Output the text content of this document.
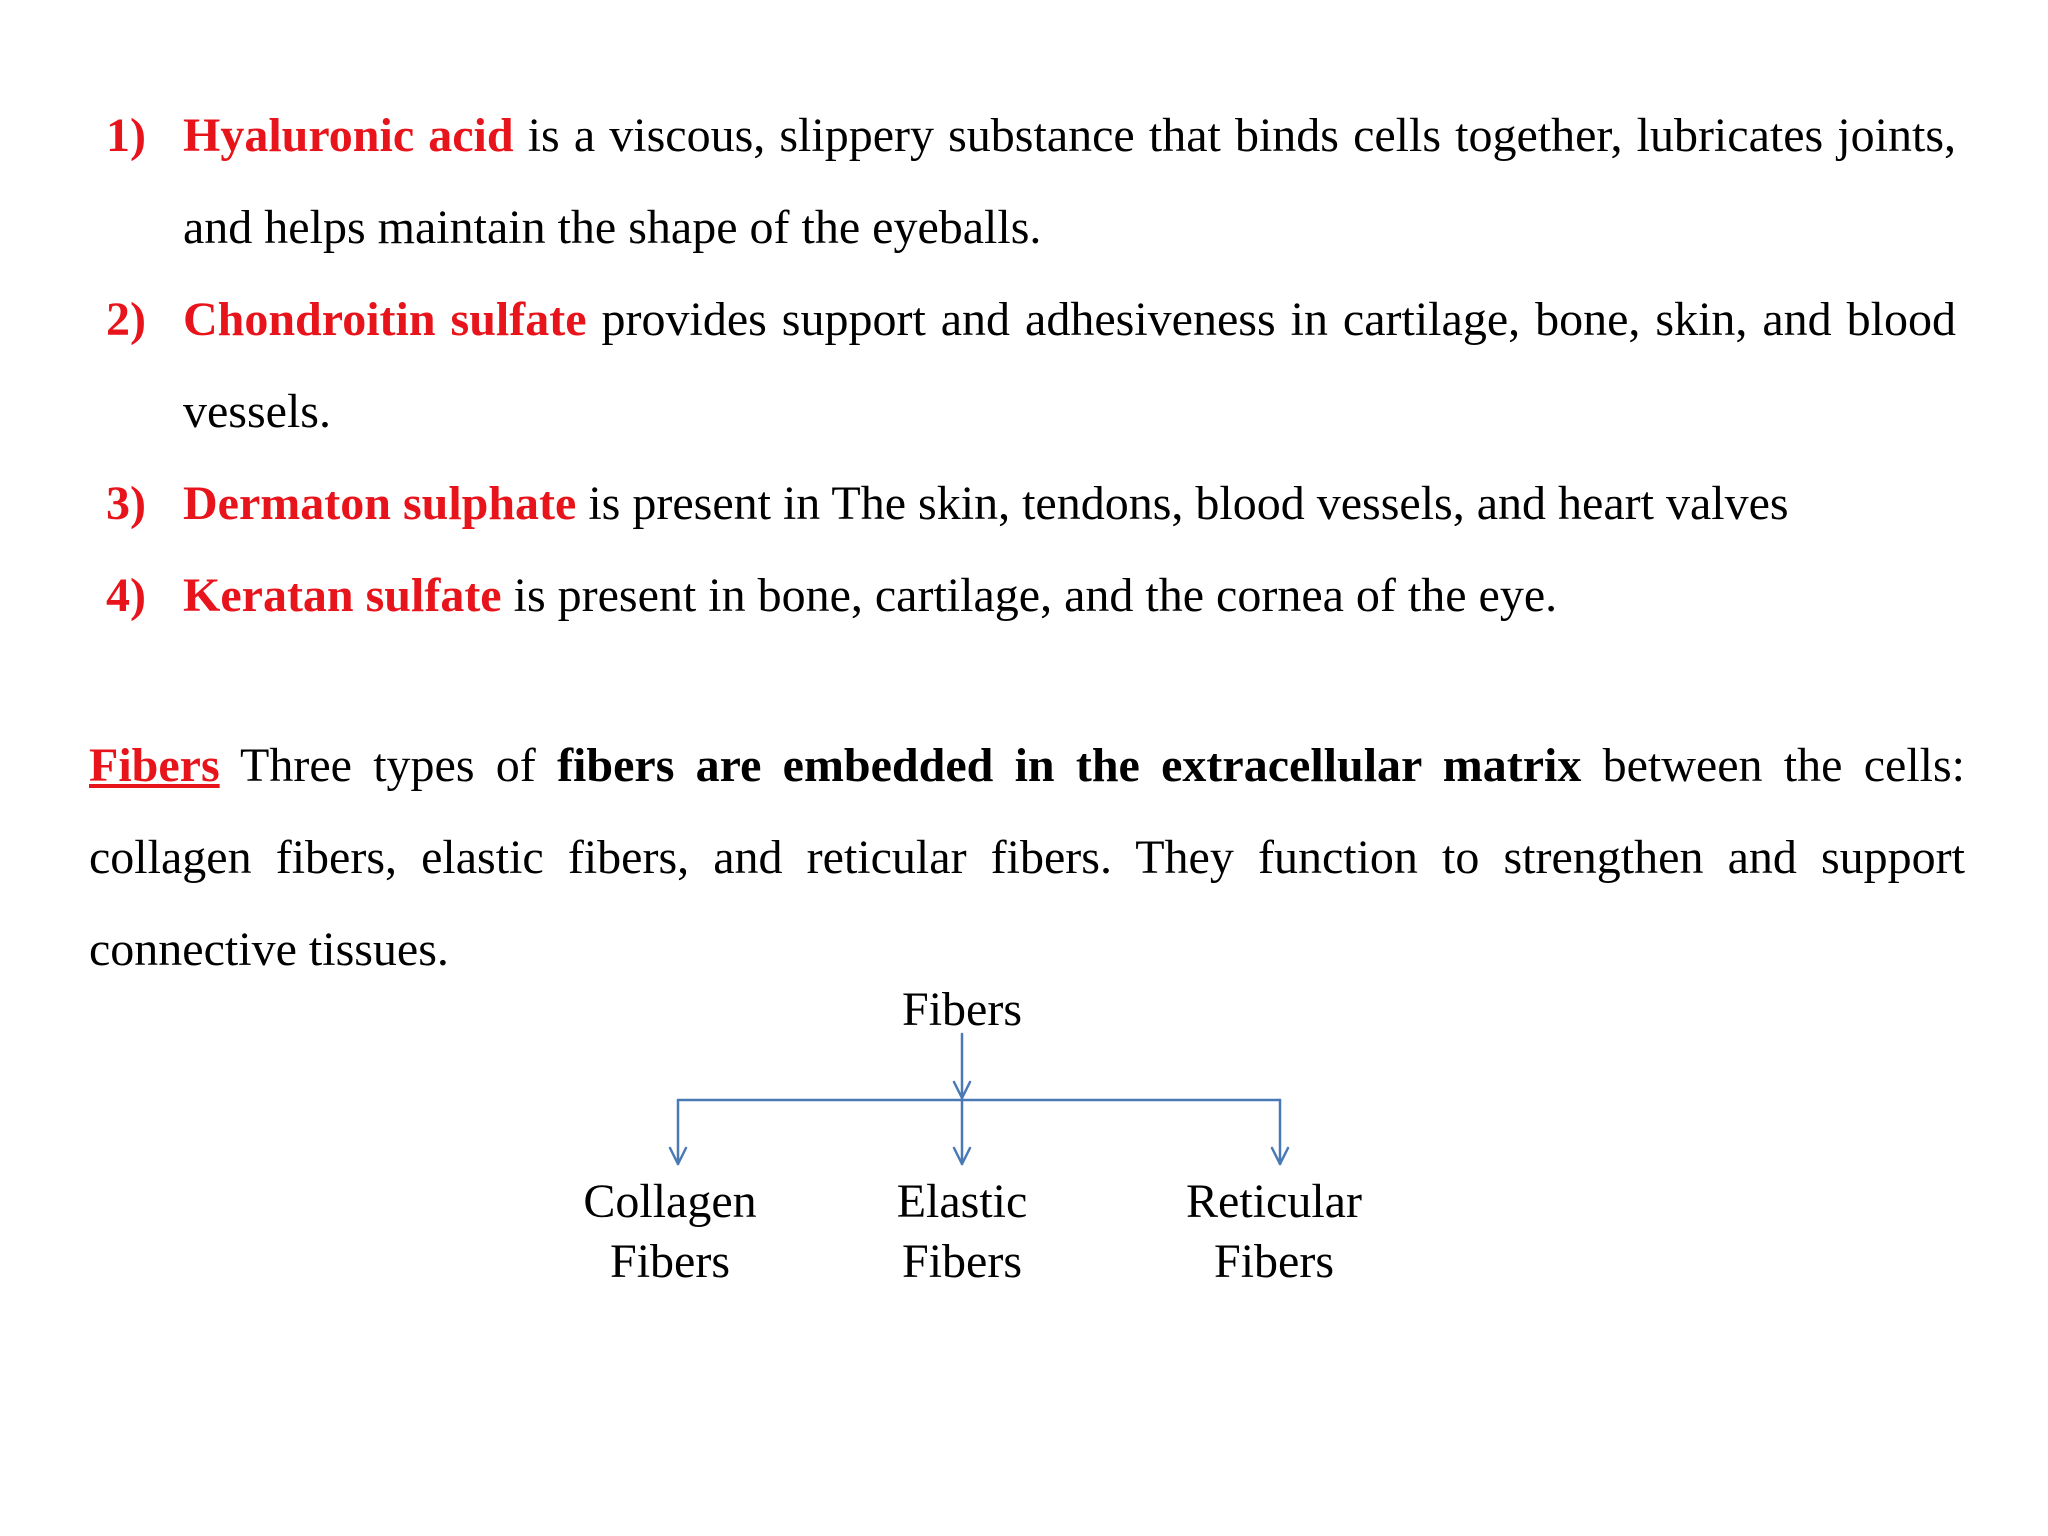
1) Hyaluronic acid is a viscous, slippery substance that binds cells together, lubricates joints, and helps maintain the shape of the eyeballs.
2) Chondroitin sulfate provides support and adhesiveness in cartilage, bone, skin, and blood vessels.
3) Dermaton sulphate is present in The skin, tendons, blood vessels, and heart valves
4) Keratan sulfate is present in bone, cartilage, and the cornea of the eye.

Fibers Three types of fibers are embedded in the extracellular matrix between the cells: collagen fibers, elastic fibers, and reticular fibers. They function to strengthen and support connective tissues.

Fibers
Collagen
Fibers
Elastic
Fibers
Reticular
Fibers
